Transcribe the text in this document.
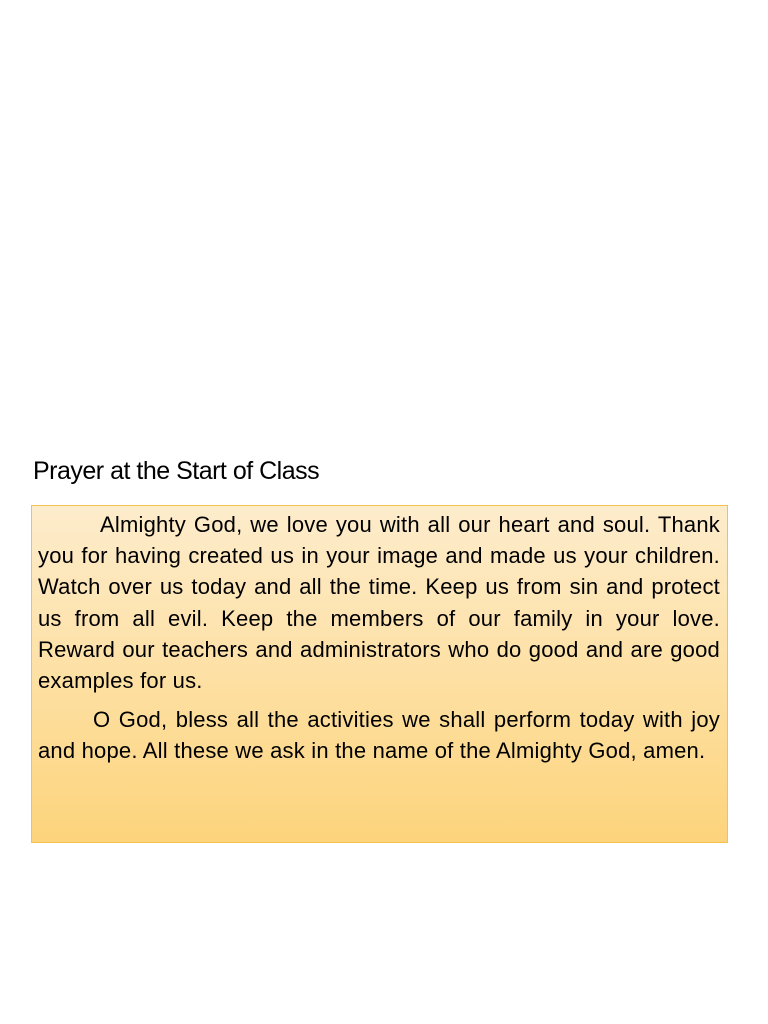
Prayer at the Start of Class

Almighty God, we love you with all our heart and soul. Thank you for having created us in your image and made us your children. Watch over us today and all the time. Keep us from sin and protect us from all evil. Keep the members of our family in your love. Reward our teachers and administrators who do good and are good examples for us.

O God, bless all the activities we shall perform today with joy and hope. All these we ask in the name of the Almighty God, amen.
